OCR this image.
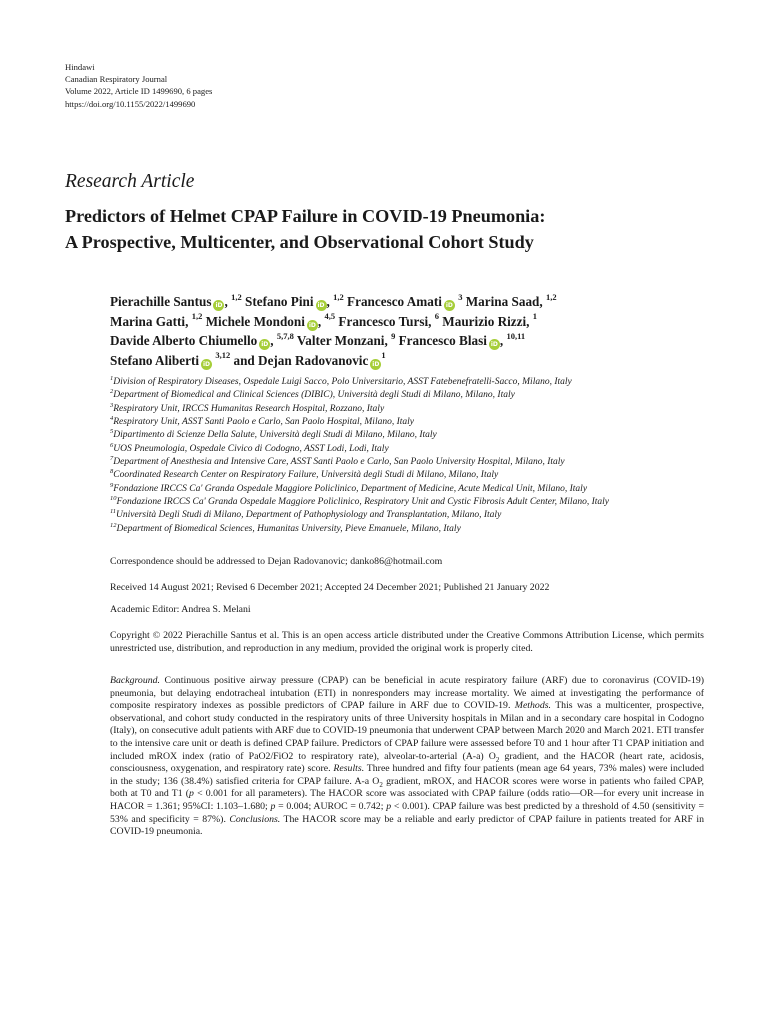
Hindawi
Canadian Respiratory Journal
Volume 2022, Article ID 1499690, 6 pages
https://doi.org/10.1155/2022/1499690
Research Article
Predictors of Helmet CPAP Failure in COVID-19 Pneumonia:
A Prospective, Multicenter, and Observational Cohort Study
Pierachille Santus iD , $^{1,2}$ Stefano Pini iD , $^{1,2}$ Francesco Amati iD $^3$ Marina Saad, $^{1,2}$
Marina Gatti, $^{1,2}$ Michele Mondoni iD , $^{4,5}$ Francesco Tursi, $^6$ Maurizio Rizzi, $^1$
Davide Alberto Chiumello iD , $^{5,7,8}$ Valter Monzani, $^9$ Francesco Blasi iD , $^{10,11}$
Stefano Aliberti iD $^{3,12}$ and Dejan Radovanovic $iD^1$
$^1$Division of Respiratory Diseases, Ospedale Luigi Sacco, Polo Universitario, ASST Fatebenefratelli-Sacco, Milano, Italy
$^2$Department of Biomedical and Clinical Sciences (DIBIC), Università degli Studi di Milano, Milano, Italy
$^3$Respiratory Unit, IRCCS Humanitas Research Hospital, Rozzano, Italy
$^4$Respiratory Unit, ASST Santi Paolo e Carlo, San Paolo Hospital, Milano, Italy
$^5$Dipartimento di Scienze Della Salute, Università degli Studi di Milano, Milano, Italy
$^6$UOS Pneumologia, Ospedale Civico di Codogno, ASST Lodi, Lodi, Italy
$^7$Department of Anesthesia and Intensive Care, ASST Santi Paolo e Carlo, San Paolo University Hospital, Milano, Italy
$^8$Coordinated Research Center on Respiratory Failure, Università degli Studi di Milano, Milano, Italy
$^9$Fondazione IRCCS Ca' Granda Ospedale Maggiore Policlinico, Department of Medicine, Acute Medical Unit, Milano, Italy
$^{10}$Fondazione IRCCS Ca' Granda Ospedale Maggiore Policlinico, Respiratory Unit and Cystic Fibrosis Adult Center, Milano, Italy
$^{11}$Università Degli Studi di Milano, Department of Pathophysiology and Transplantation, Milano, Italy
$^{12}$Department of Biomedical Sciences, Humanitas University, Pieve Emanuele, Milano, Italy
Correspondence should be addressed to Dejan Radovanovic; danko86@hotmail.com
Received 14 August 2021; Revised 6 December 2021; Accepted 24 December 2021; Published 21 January 2022
Academic Editor: Andrea S. Melani
Copyright © 2022 Pierachille Santus et al. This is an open access article distributed under the Creative Commons Attribution License, which permits unrestricted use, distribution, and reproduction in any medium, provided the original work is properly cited.
Background. Continuous positive airway pressure (CPAP) can be beneficial in acute respiratory failure (ARF) due to coronavirus (COVID-19) pneumonia, but delaying endotracheal intubation (ETI) in nonresponders may increase mortality. We aimed at investigating the performance of composite respiratory indexes as possible predictors of CPAP failure in ARF due to COVID-19. Methods. This was a multicenter, prospective, observational, and cohort study conducted in the respiratory units of three University hospitals in Milan and in a secondary care hospital in Codogno (Italy), on consecutive adult patients with ARF due to COVID-19 pneumonia that underwent CPAP between March 2020 and March 2021. ETI transfer to the intensive care unit or death is defined CPAP failure. Predictors of CPAP failure were assessed before T0 and 1 hour after T1 CPAP initiation and included mROX index (ratio of PaO2/FiO2 to respiratory rate), alveolar-to-arterial (A-a) $O_2$ gradient, and the HACOR (heart rate, acidosis, consciousness, oxygenation, and respiratory rate) score. Results. Three hundred and fifty four patients (mean age 64 years, 73% males) were included in the study; 136 (38.4%) satisfied criteria for CPAP failure. A-a $O_2$ gradient, mROX, and HACOR scores were worse in patients who failed CPAP, both at T0 and T1 (p < 0.001 for all parameters). The HACOR score was associated with CPAP failure (odds ratio—OR—for every unit increase in HACOR = 1.361; 95%CI: 1.103–1.680; p = 0.004; AUROC = 0.742; p < 0.001). CPAP failure was best predicted by a threshold of 4.50 (sensitivity = 53% and specificity = 87%). Conclusions. The HACOR score may be a reliable and early predictor of CPAP failure in patients treated for ARF in COVID-19 pneumonia.
